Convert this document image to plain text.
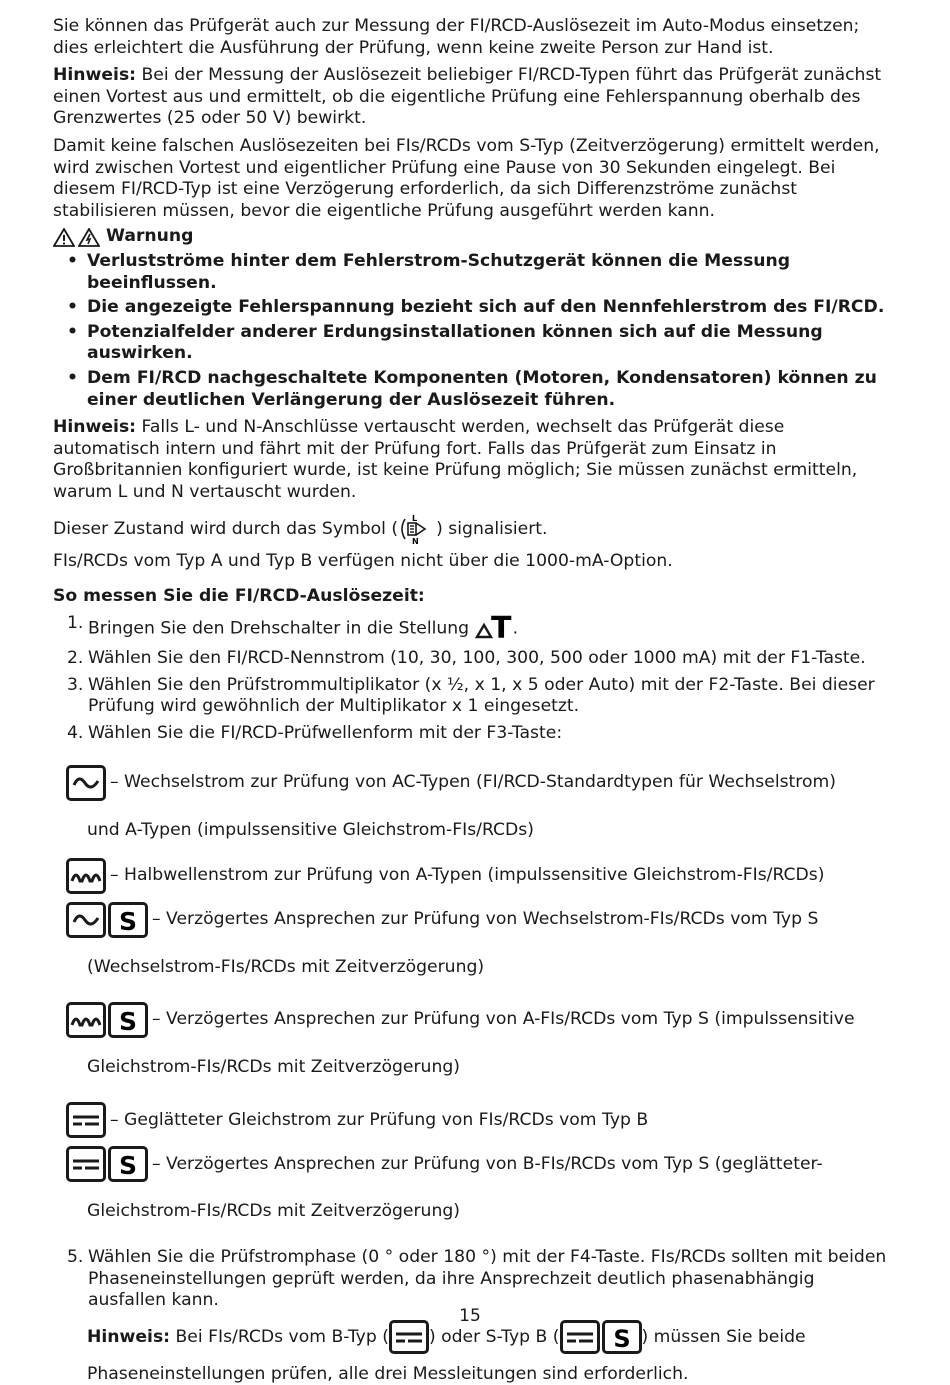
Sie können das Prüfgerät auch zur Messung der FI/RCD-Auslösezeit im Auto-Modus einsetzen; dies erleichtert die Ausführung der Prüfung, wenn keine zweite Person zur Hand ist.

Hinweis: Bei der Messung der Auslösezeit beliebiger FI/RCD-Typen führt das Prüfgerät zunächst einen Vortest aus und ermittelt, ob die eigentliche Prüfung eine Fehlerspannung oberhalb des Grenzwertes (25 oder 50 V) bewirkt.

Damit keine falschen Auslösezeiten bei FIs/RCDs vom S-Typ (Zeitverzögerung) ermittelt werden, wird zwischen Vortest und eigentlicher Prüfung eine Pause von 30 Sekunden eingelegt. Bei diesem FI/RCD-Typ ist eine Verzögerung erforderlich, da sich Differenzströme zunächst stabilisieren müssen, bevor die eigentliche Prüfung ausgeführt werden kann.

Warnung
• Verlustströme hinter dem Fehlerstrom-Schutzgerät können die Messung beeinflussen.
• Die angezeigte Fehlerspannung bezieht sich auf den Nennfehlerstrom des FI/RCD.
• Potenzialfelder anderer Erdungsinstallationen können sich auf die Messung auswirken.
• Dem FI/RCD nachgeschaltete Komponenten (Motoren, Kondensatoren) können zu einer deutlichen Verlängerung der Auslösezeit führen.

Hinweis: Falls L- und N-Anschlüsse vertauscht werden, wechselt das Prüfgerät diese automatisch intern und fährt mit der Prüfung fort. Falls das Prüfgerät zum Einsatz in Großbritannien konfiguriert wurde, ist keine Prüfung möglich; Sie müssen zunächst ermitteln, warum L und N vertauscht wurden.

Dieser Zustand wird durch das Symbol (
L
N
) signalisiert.

FIs/RCDs vom Typ A und Typ B verfügen nicht über die 1000-mA-Option.

So messen Sie die FI/RCD-Auslösezeit:

1. Bringen Sie den Drehschalter in die Stellung T .
2. Wählen Sie den FI/RCD-Nennstrom (10, 30, 100, 300, 500 oder 1000 mA) mit der F1-Taste.
3. Wählen Sie den Prüfstrommultiplikator (x ½, x 1, x 5 oder Auto) mit der F2-Taste. Bei dieser Prüfung wird gewöhnlich der Multiplikator x 1 eingesetzt.
4. Wählen Sie die FI/RCD-Prüfwellenform mit der F3-Taste:
– Wechselstrom zur Prüfung von AC-Typen (FI/RCD-Standardtypen für Wechselstrom)

und A-Typen (impulssensitive Gleichstrom-FIs/RCDs)

– Halbwellenstrom zur Prüfung von A-Typen (impulssensitive Gleichstrom-FIs/RCDs)
S – Verzögertes Ansprechen zur Prüfung von Wechselstrom-FIs/RCDs vom Typ S

(Wechselstrom-FIs/RCDs mit Zeitverzögerung)

S – Verzögertes Ansprechen zur Prüfung von A-FIs/RCDs vom Typ S (impulssensitive

Gleichstrom-FIs/RCDs mit Zeitverzögerung)

– Geglätteter Gleichstrom zur Prüfung von FIs/RCDs vom Typ B
S – Verzögertes Ansprechen zur Prüfung von B-FIs/RCDs vom Typ S (geglätteter-

Gleichstrom-FIs/RCDs mit Zeitverzögerung)

5. Wählen Sie die Prüfstromphase (0 ° oder 180 °) mit der F4-Taste. FIs/RCDs sollten mit beiden Phaseneinstellungen geprüft werden, da ihre Ansprechzeit deutlich phasenabhängig ausfallen kann.

Hinweis: Bei FIs/RCDs vom B-Typ ( ) oder S-Typ B ( S ) müssen Sie beide

Phaseneinstellungen prüfen, alle drei Messleitungen sind erforderlich.

15
